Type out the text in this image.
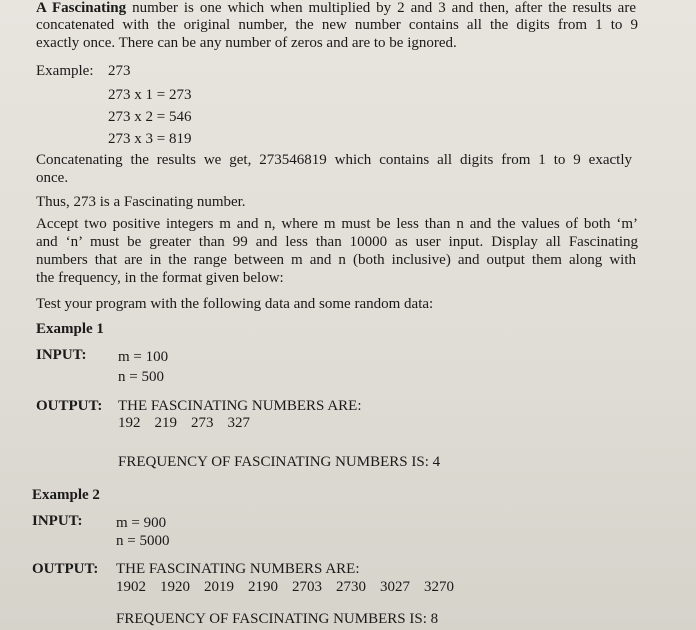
A Fascinating number is one which when multiplied by 2 and 3 and then, after the results are
concatenated with the original number, the new number contains all the digits from 1 to 9
exactly once. There can be any number of zeros and are to be ignored.
Example: 273
273 x 1 = 273
273 x 2 = 546
273 x 3 = 819
Concatenating the results we get, 273546819 which contains all digits from 1 to 9 exactly
once.
Thus, 273 is a Fascinating number.
Accept two positive integers m and n, where m must be less than n and the values of both ‘m’
and ‘n’ must be greater than 99 and less than 10000 as user input. Display all Fascinating
numbers that are in the range between m and n (both inclusive) and output them along with
the frequency, in the format given below:
Test your program with the following data and some random data:
Example 1
INPUT: m = 100
n = 500
OUTPUT: THE FASCINATING NUMBERS ARE:
192 219 273 327
FREQUENCY OF FASCINATING NUMBERS IS: 4
Example 2
INPUT: m = 900
n = 5000
OUTPUT: THE FASCINATING NUMBERS ARE:
1902 1920 2019 2190 2703 2730 3027 3270
FREQUENCY OF FASCINATING NUMBERS IS: 8
